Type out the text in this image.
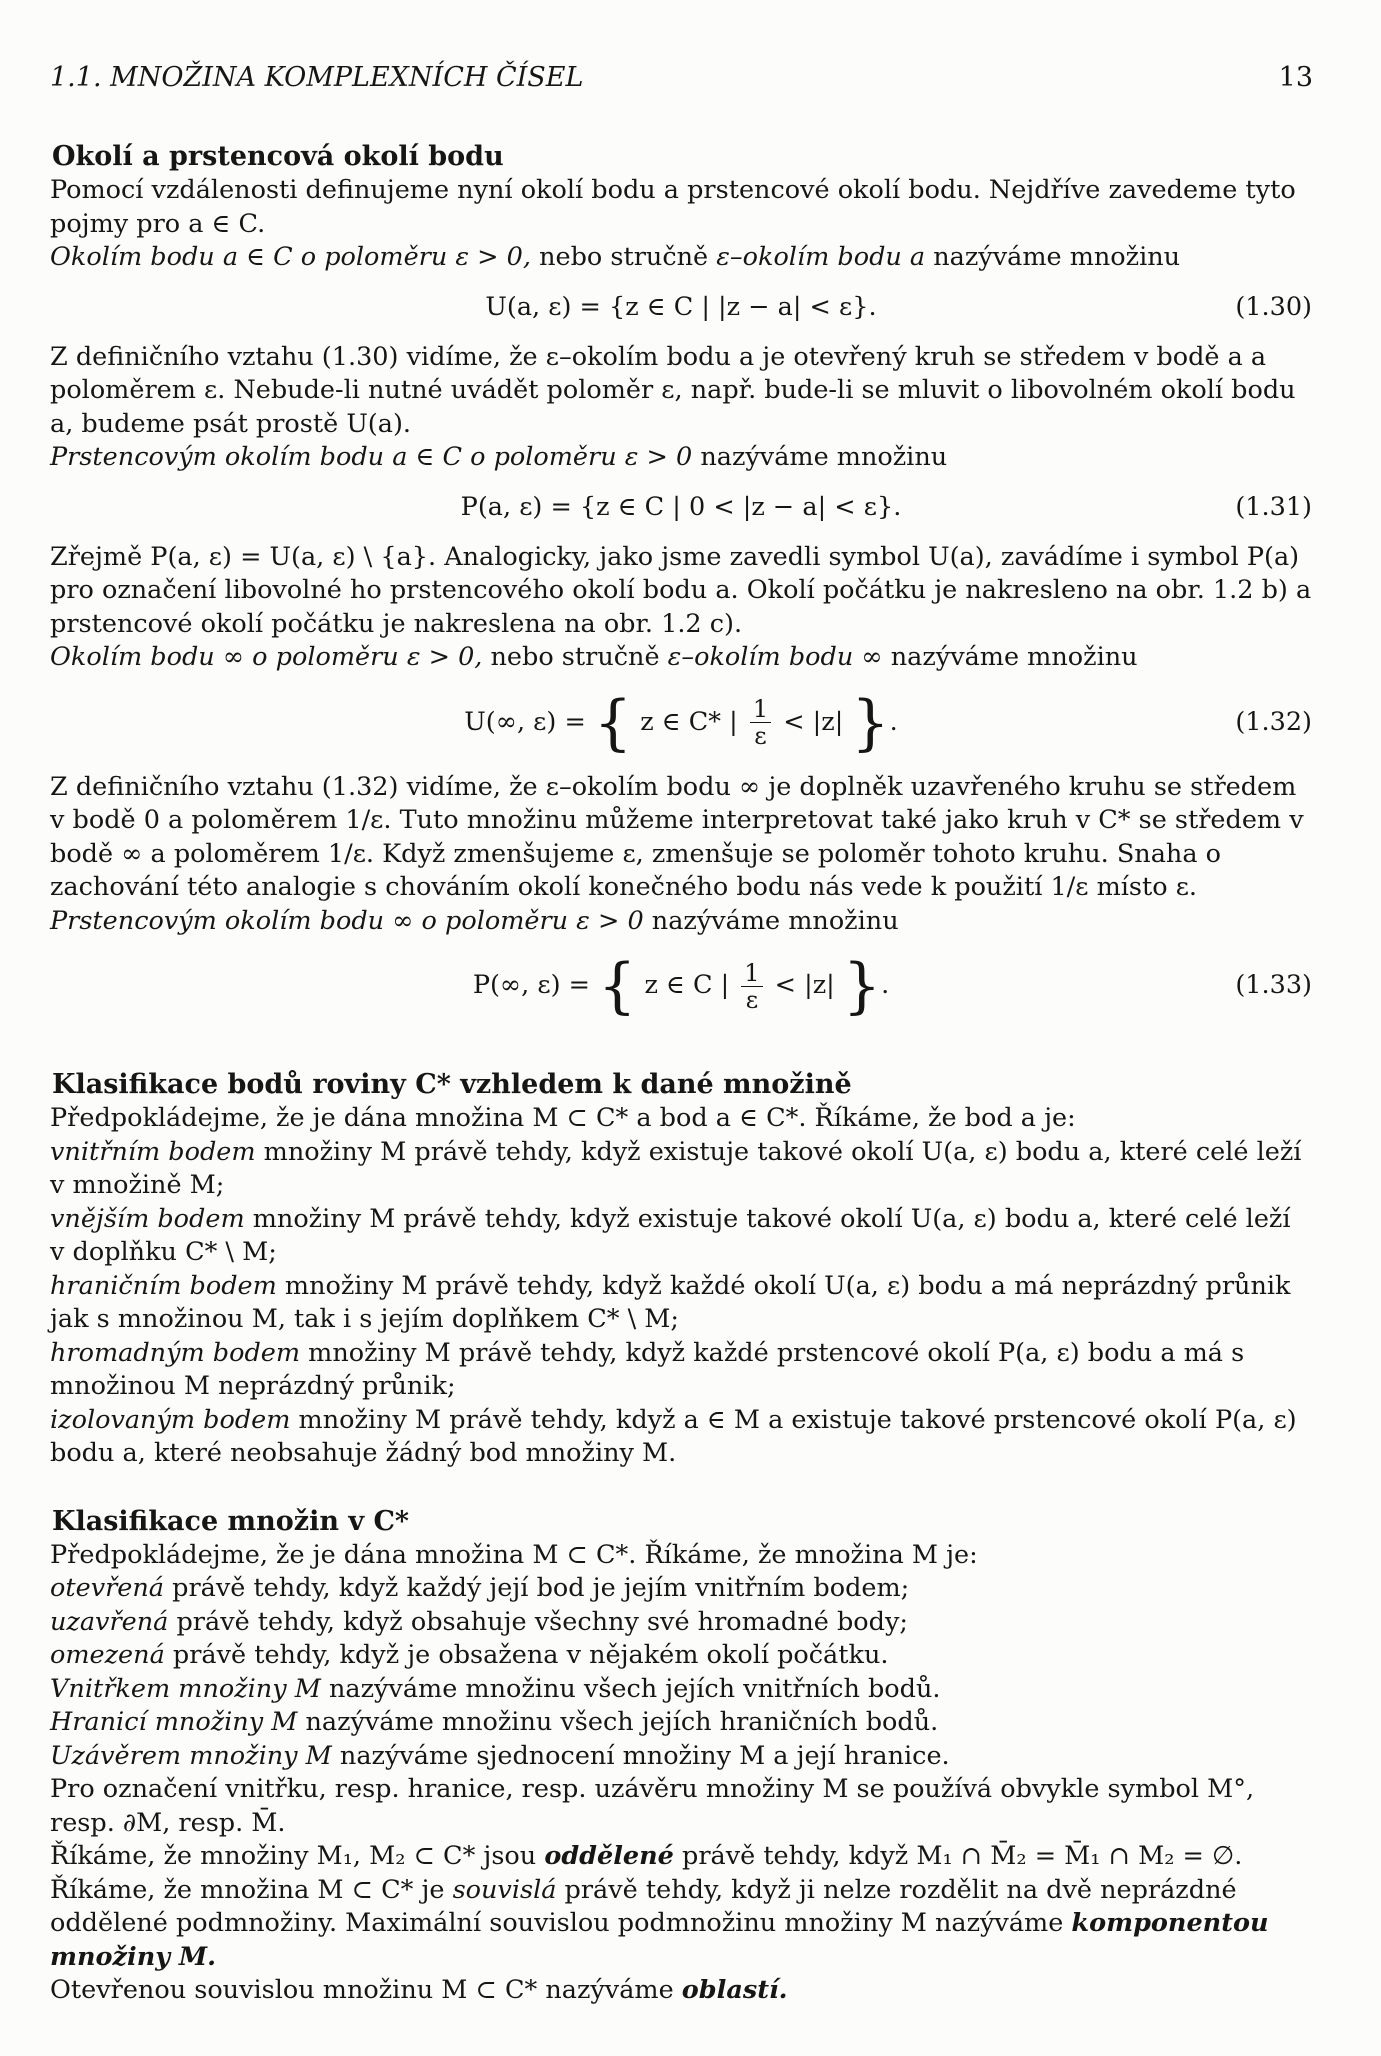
1.1. MNOŽINA KOMPLEXNÍCH ČÍSEL	13
Okolí a prstencová okolí bodu

Pomocí vzdálenosti definujeme nyní okolí bodu a prstencové okolí bodu. Nejdříve zavedeme tyto pojmy pro a ∈ C.

Okolím bodu a ∈ C o poloměru ε > 0, nebo stručně ε–okolím bodu a nazýváme množinu

U(a, ε) = {z ∈ C | |z − a| < ε}.	(1.30)

Z definičního vztahu (1.30) vidíme, že ε–okolím bodu a je otevřený kruh se středem v bodě a a poloměrem ε. Nebude-li nutné uvádět poloměr ε, např. bude-li se mluvit o libovolném okolí bodu a, budeme psát prostě U(a).

Prstencovým okolím bodu a ∈ C o poloměru ε > 0 nazýváme množinu

P(a, ε) = {z ∈ C | 0 < |z − a| < ε}.	(1.31)

Zřejmě P(a, ε) = U(a, ε) \ {a}. Analogicky, jako jsme zavedli symbol U(a), zavádíme i symbol P(a) pro označení libovolné ho prstencového okolí bodu a. Okolí počátku je nakresleno na obr. 1.2 b) a prstencové okolí počátku je nakreslena na obr. 1.2 c).

Okolím bodu ∞ o poloměru ε > 0, nebo stručně ε–okolím bodu ∞ nazýváme množinu

U(∞, ε) = { z ∈ C* | $\frac{1}{\varepsilon} < |z|$ }.	(1.32)

Z definičního vztahu (1.32) vidíme, že ε–okolím bodu ∞ je doplněk uzavřeného kruhu se středem v bodě 0 a poloměrem 1/ε. Tuto množinu můžeme interpretovat také jako kruh v C* se středem v bodě ∞ a poloměrem 1/ε. Když zmenšujeme ε, zmenšuje se poloměr tohoto kruhu. Snaha o zachování této analogie s chováním okolí konečného bodu nás vede k použití 1/ε místo ε.

Prstencovým okolím bodu ∞ o poloměru ε > 0 nazýváme množinu

P(∞, ε) = { z ∈ C | $\frac{1}{\varepsilon} < |z|$ }.	(1.33)
Klasifikace bodů roviny C* vzhledem k dané množině

Předpokládejme, že je dána množina M ⊂ C* a bod a ∈ C*. Říkáme, že bod a je:

vnitřním bodem množiny M právě tehdy, když existuje takové okolí U(a, ε) bodu a, které celé leží v množině M;

vnějším bodem množiny M právě tehdy, když existuje takové okolí U(a, ε) bodu a, které celé leží v doplňku C* \ M;

hraničním bodem množiny M právě tehdy, když každé okolí U(a, ε) bodu a má neprázdný průnik jak s množinou M, tak i s jejím doplňkem C* \ M;

hromadným bodem množiny M právě tehdy, když každé prstencové okolí P(a, ε) bodu a má s množinou M neprázdný průnik;

izolovaným bodem množiny M právě tehdy, když a ∈ M a existuje takové prstencové okolí P(a, ε) bodu a, které neobsahuje žádný bod množiny M.

Klasifikace množin v C*

Předpokládejme, že je dána množina M ⊂ C*. Říkáme, že množina M je:

otevřená právě tehdy, když každý její bod je jejím vnitřním bodem;

uzavřená právě tehdy, když obsahuje všechny své hromadné body;

omezená právě tehdy, když je obsažena v nějakém okolí počátku.

Vnitřkem množiny M nazýváme množinu všech jejích vnitřních bodů.

Hranicí množiny M nazýváme množinu všech jejích hraničních bodů.

Uzávěrem množiny M nazýváme sjednocení množiny M a její hranice.

Pro označení vnitřku, resp. hranice, resp. uzávěru množiny M se používá obvykle symbol M°, resp. ∂M, resp. M̄.

Říkáme, že množiny M₁, M₂ ⊂ C* jsou oddělené právě tehdy, když M₁ ∩ M̄₂ = M̄₁ ∩ M₂ = ∅.

Říkáme, že množina M ⊂ C* je souvislá právě tehdy, když ji nelze rozdělit na dvě neprázdné oddělené podmnožiny. Maximální souvislou podmnožinu množiny M nazýváme komponentou množiny M.

Otevřenou souvislou množinu M ⊂ C* nazýváme oblastí.
